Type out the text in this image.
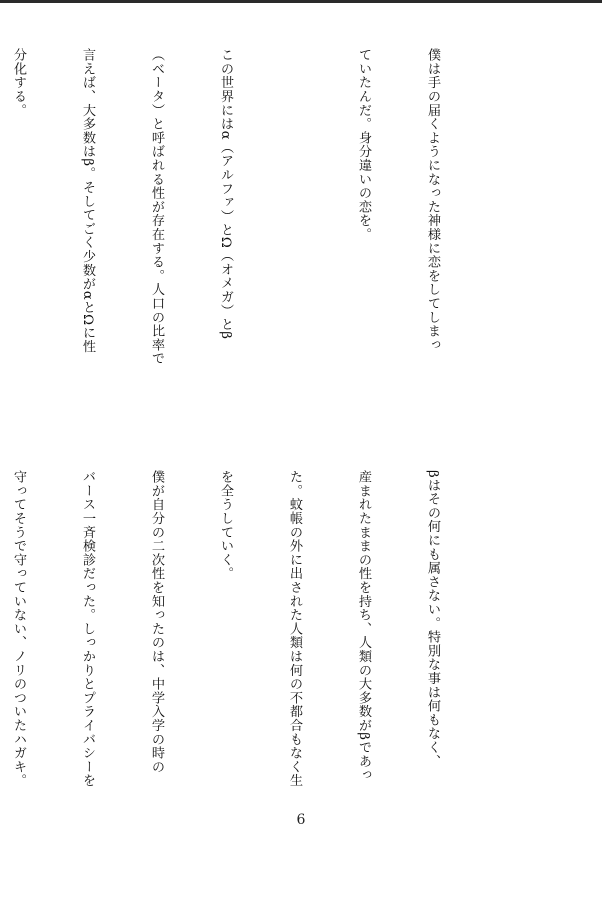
僕は手の届くようになった神様に恋をしてしまっ

ていたんだ。身分違いの恋を。

この世界にはα（アルファ）とΩ（オメガ）とβ

（ベータ）と呼ばれる性が存在する。人口の比率で

言えば、大多数はβ。そしてごく少数がαとΩに性

分化する。

βはその何にも属さない。特別な事は何もなく、

産まれたままの性を持ち、人類の大多数がβであっ

た。蚊帳の外に出された人類は何の不都合もなく生

を全うしていく。

僕が自分の二次性を知ったのは、中学入学の時の

バース一斉検診だった。しっかりとプライバシーを

守ってそうで守っていない、ノリのついたハガキ。

6
